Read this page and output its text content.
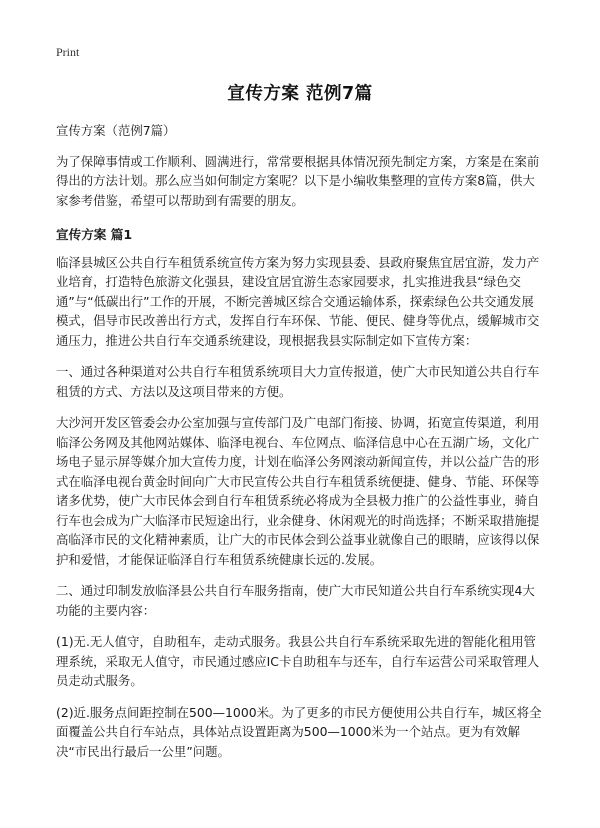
Print
宣传方案 范例7篇

宣传方案（范例7篇）

为了保障事情或工作顺利、圆满进行，常常要根据具体情况预先制定方案，方案是在案前得出的方法计划。那么应当如何制定方案呢？以下是小编收集整理的宣传方案8篇，供大家参考借鉴，希望可以帮助到有需要的朋友。

宣传方案 篇1

临泽县城区公共自行车租赁系统宣传方案为努力实现县委、县政府聚焦宜居宜游，发力产业培育，打造特色旅游文化强县，建设宜居宜游生态家园要求，扎实推进我县“绿色交通”与“低碳出行”工作的开展，不断完善城区综合交通运输体系，探索绿色公共交通发展模式，倡导市民改善出行方式，发挥自行车环保、节能、便民、健身等优点，缓解城市交通压力，推进公共自行车交通系统建设，现根据我县实际制定如下宣传方案：

一、通过各种渠道对公共自行车租赁系统项目大力宣传报道，使广大市民知道公共自行车租赁的方式、方法以及这项目带来的方便。

大沙河开发区管委会办公室加强与宣传部门及广电部门衔接、协调，拓宽宣传渠道，利用临泽公务网及其他网站媒体、临泽电视台、车位网点、临泽信息中心在五湖广场，文化广场电子显示屏等媒介加大宣传力度，计划在临泽公务网滚动新闻宣传，并以公益广告的形式在临泽电视台黄金时间向广大市民宣传公共自行车租赁系统便捷、健身、节能、环保等诸多优势，使广大市民体会到自行车租赁系统必将成为全县极力推广的公益性事业，骑自行车也会成为广大临泽市民短途出行，业余健身、休闲观光的时尚选择；不断采取措施提高临泽市民的文化精神素质，让广大的市民体会到公益事业就像自己的眼睛，应该得以保护和爱惜，才能保证临泽自行车租赁系统健康长远的.发展。

二、通过印制发放临泽县公共自行车服务指南，使广大市民知道公共自行车系统实现4大功能的主要内容：

(1)无.无人值守，自助租车，走动式服务。我县公共自行车系统采取先进的智能化租用管理系统，采取无人值守，市民通过感应IC卡自助租车与还车，自行车运营公司采取管理人员走动式服务。

(2)近.服务点间距控制在500—1000米。为了更多的市民方便使用公共自行车，城区将全面覆盖公共自行车站点，具体站点设置距离为500—1000米为一个站点。更为有效解决“市民出行最后一公里”问题。
